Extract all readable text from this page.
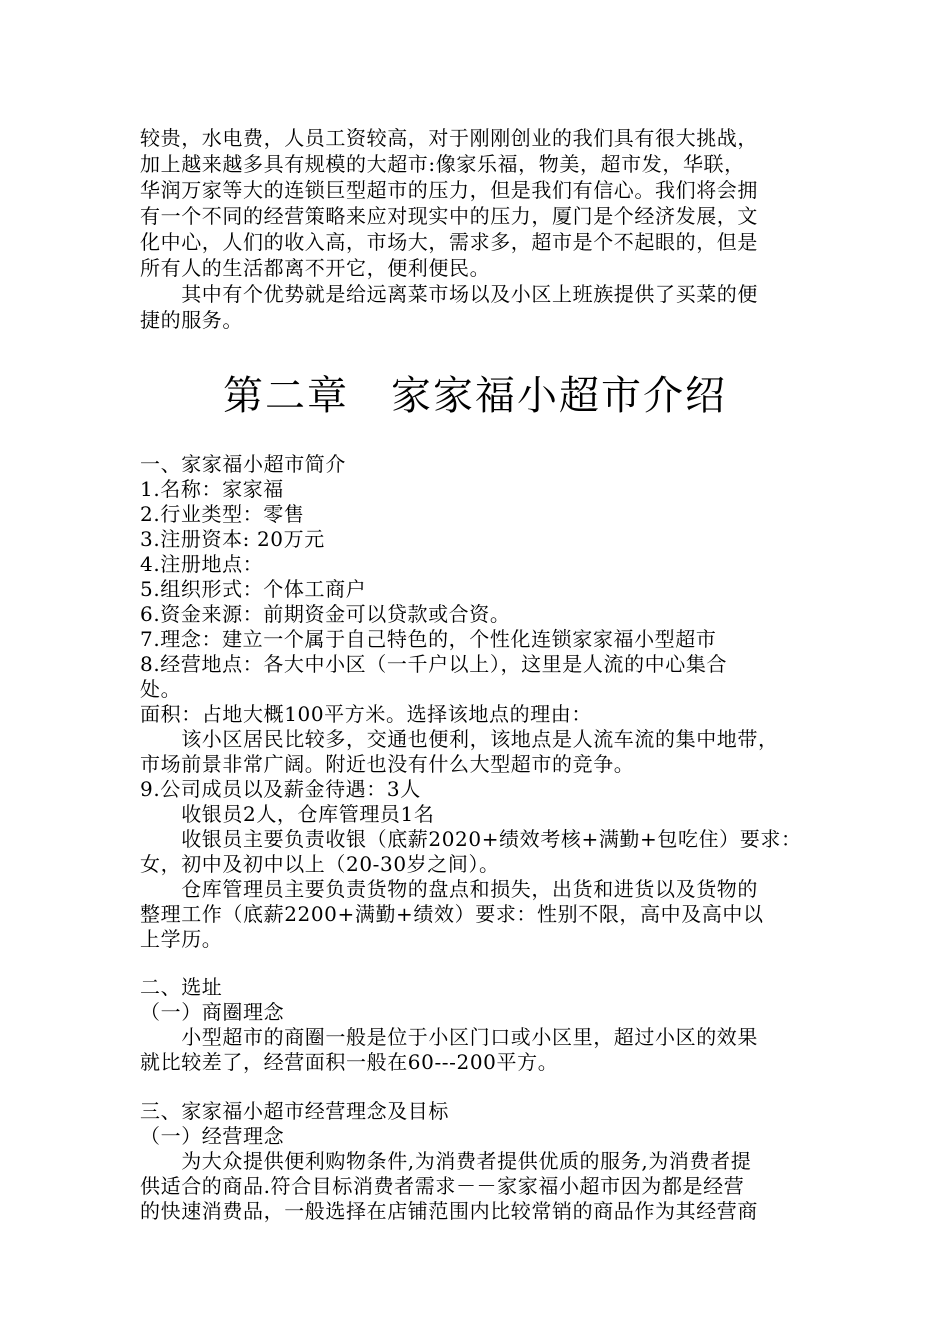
较贵，水电费，人员工资较高，对于刚刚创业的我们具有很大挑战，

加上越来越多具有规模的大超市:像家乐福，物美，超市发，华联，

华润万家等大的连锁巨型超市的压力，但是我们有信心。我们将会拥

有一个不同的经营策略来应对现实中的压力，厦门是个经济发展，文

化中心，人们的收入高，市场大，需求多，超市是个不起眼的，但是

所有人的生活都离不开它，便利便民。

　　其中有个优势就是给远离菜市场以及小区上班族提供了买菜的便

捷的服务。

第二章　家家福小超市介绍

一、家家福小超市简介

1.名称：家家福

2.行业类型：零售

3.注册资本: 20万元

4.注册地点：

5.组织形式：个体工商户

6.资金来源：前期资金可以贷款或合资。

7.理念：建立一个属于自己特色的，个性化连锁家家福小型超市

8.经营地点：各大中小区（一千户以上），这里是人流的中心集合

处。

面积：占地大概100平方米。选择该地点的理由：

　　该小区居民比较多，交通也便利，该地点是人流车流的集中地带，

市场前景非常广阔。附近也没有什么大型超市的竞争。

9.公司成员以及薪金待遇：3人

　　收银员2人，仓库管理员1名

　　收银员主要负责收银（底薪2020+绩效考核+满勤+包吃住）要求：

女，初中及初中以上（20-30岁之间）。

　　仓库管理员主要负责货物的盘点和损失，出货和进货以及货物的

整理工作（底薪2200+满勤+绩效）要求：性别不限，高中及高中以

上学历。

二、选址

（一）商圈理念

　　小型超市的商圈一般是位于小区门口或小区里，超过小区的效果

就比较差了，经营面积一般在60---200平方。

三、家家福小超市经营理念及目标

（一）经营理念

　　为大众提供便利购物条件,为消费者提供优质的服务,为消费者提

供适合的商品.符合目标消费者需求－－家家福小超市因为都是经营

的快速消费品，一般选择在店铺范围内比较常销的商品作为其经营商
